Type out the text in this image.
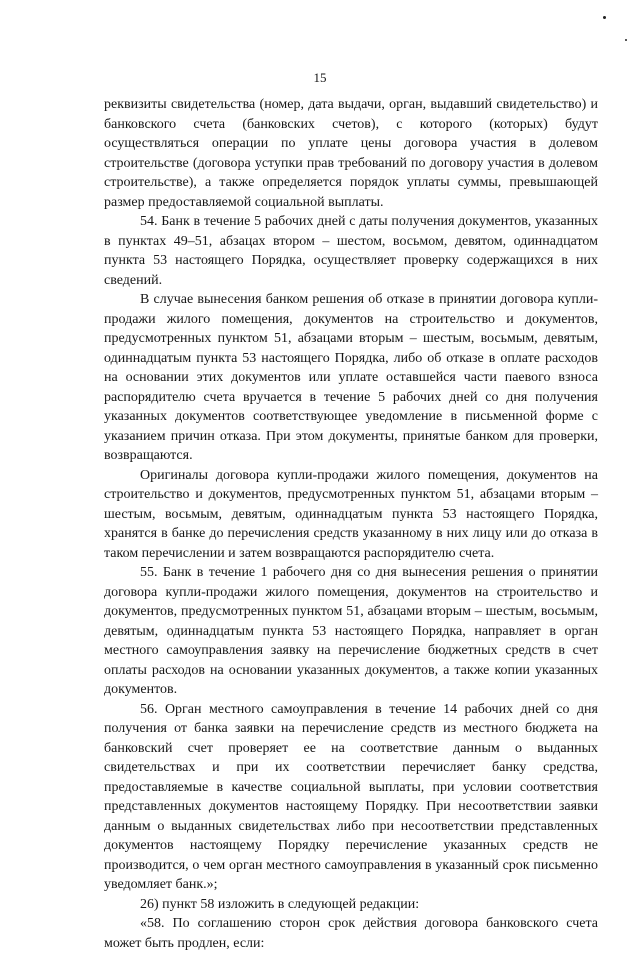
15

реквизиты свидетельства (номер, дата выдачи, орган, выдавший свидетельство) и банковского счета (банковских счетов), с которого (которых) будут осуществляться операции по уплате цены договора участия в долевом строительстве (договора уступки прав требований по договору участия в долевом строительстве), а также определяется порядок уплаты суммы, превышающей размер предоставляемой социальной выплаты.

54. Банк в течение 5 рабочих дней с даты получения документов, указанных в пунктах 49–51, абзацах втором – шестом, восьмом, девятом, одиннадцатом пункта 53 настоящего Порядка, осуществляет проверку содержащихся в них сведений.

В случае вынесения банком решения об отказе в принятии договора купли-продажи жилого помещения, документов на строительство и документов, предусмотренных пунктом 51, абзацами вторым – шестым, восьмым, девятым, одиннадцатым пункта 53 настоящего Порядка, либо об отказе в оплате расходов на основании этих документов или уплате оставшейся части паевого взноса распорядителю счета вручается в течение 5 рабочих дней со дня получения указанных документов соответствующее уведомление в письменной форме с указанием причин отказа. При этом документы, принятые банком для проверки, возвращаются.

Оригиналы договора купли-продажи жилого помещения, документов на строительство и документов, предусмотренных пунктом 51, абзацами вторым – шестым, восьмым, девятым, одиннадцатым пункта 53 настоящего Порядка, хранятся в банке до перечисления средств указанному в них лицу или до отказа в таком перечислении и затем возвращаются распорядителю счета.

55. Банк в течение 1 рабочего дня со дня вынесения решения о принятии договора купли-продажи жилого помещения, документов на строительство и документов, предусмотренных пунктом 51, абзацами вторым – шестым, восьмым, девятым, одиннадцатым пункта 53 настоящего Порядка, направляет в орган местного самоуправления заявку на перечисление бюджетных средств в счет оплаты расходов на основании указанных документов, а также копии указанных документов.

56. Орган местного самоуправления в течение 14 рабочих дней со дня получения от банка заявки на перечисление средств из местного бюджета на банковский счет проверяет ее на соответствие данным о выданных свидетельствах и при их соответствии перечисляет банку средства, предоставляемые в качестве социальной выплаты, при условии соответствия представленных документов настоящему Порядку. При несоответствии заявки данным о выданных свидетельствах либо при несоответствии представленных документов настоящему Порядку перечисление указанных средств не производится, о чем орган местного самоуправления в указанный срок письменно уведомляет банк.»;

26) пункт 58 изложить в следующей редакции:

«58. По соглашению сторон срок действия договора банковского счета может быть продлен, если:
